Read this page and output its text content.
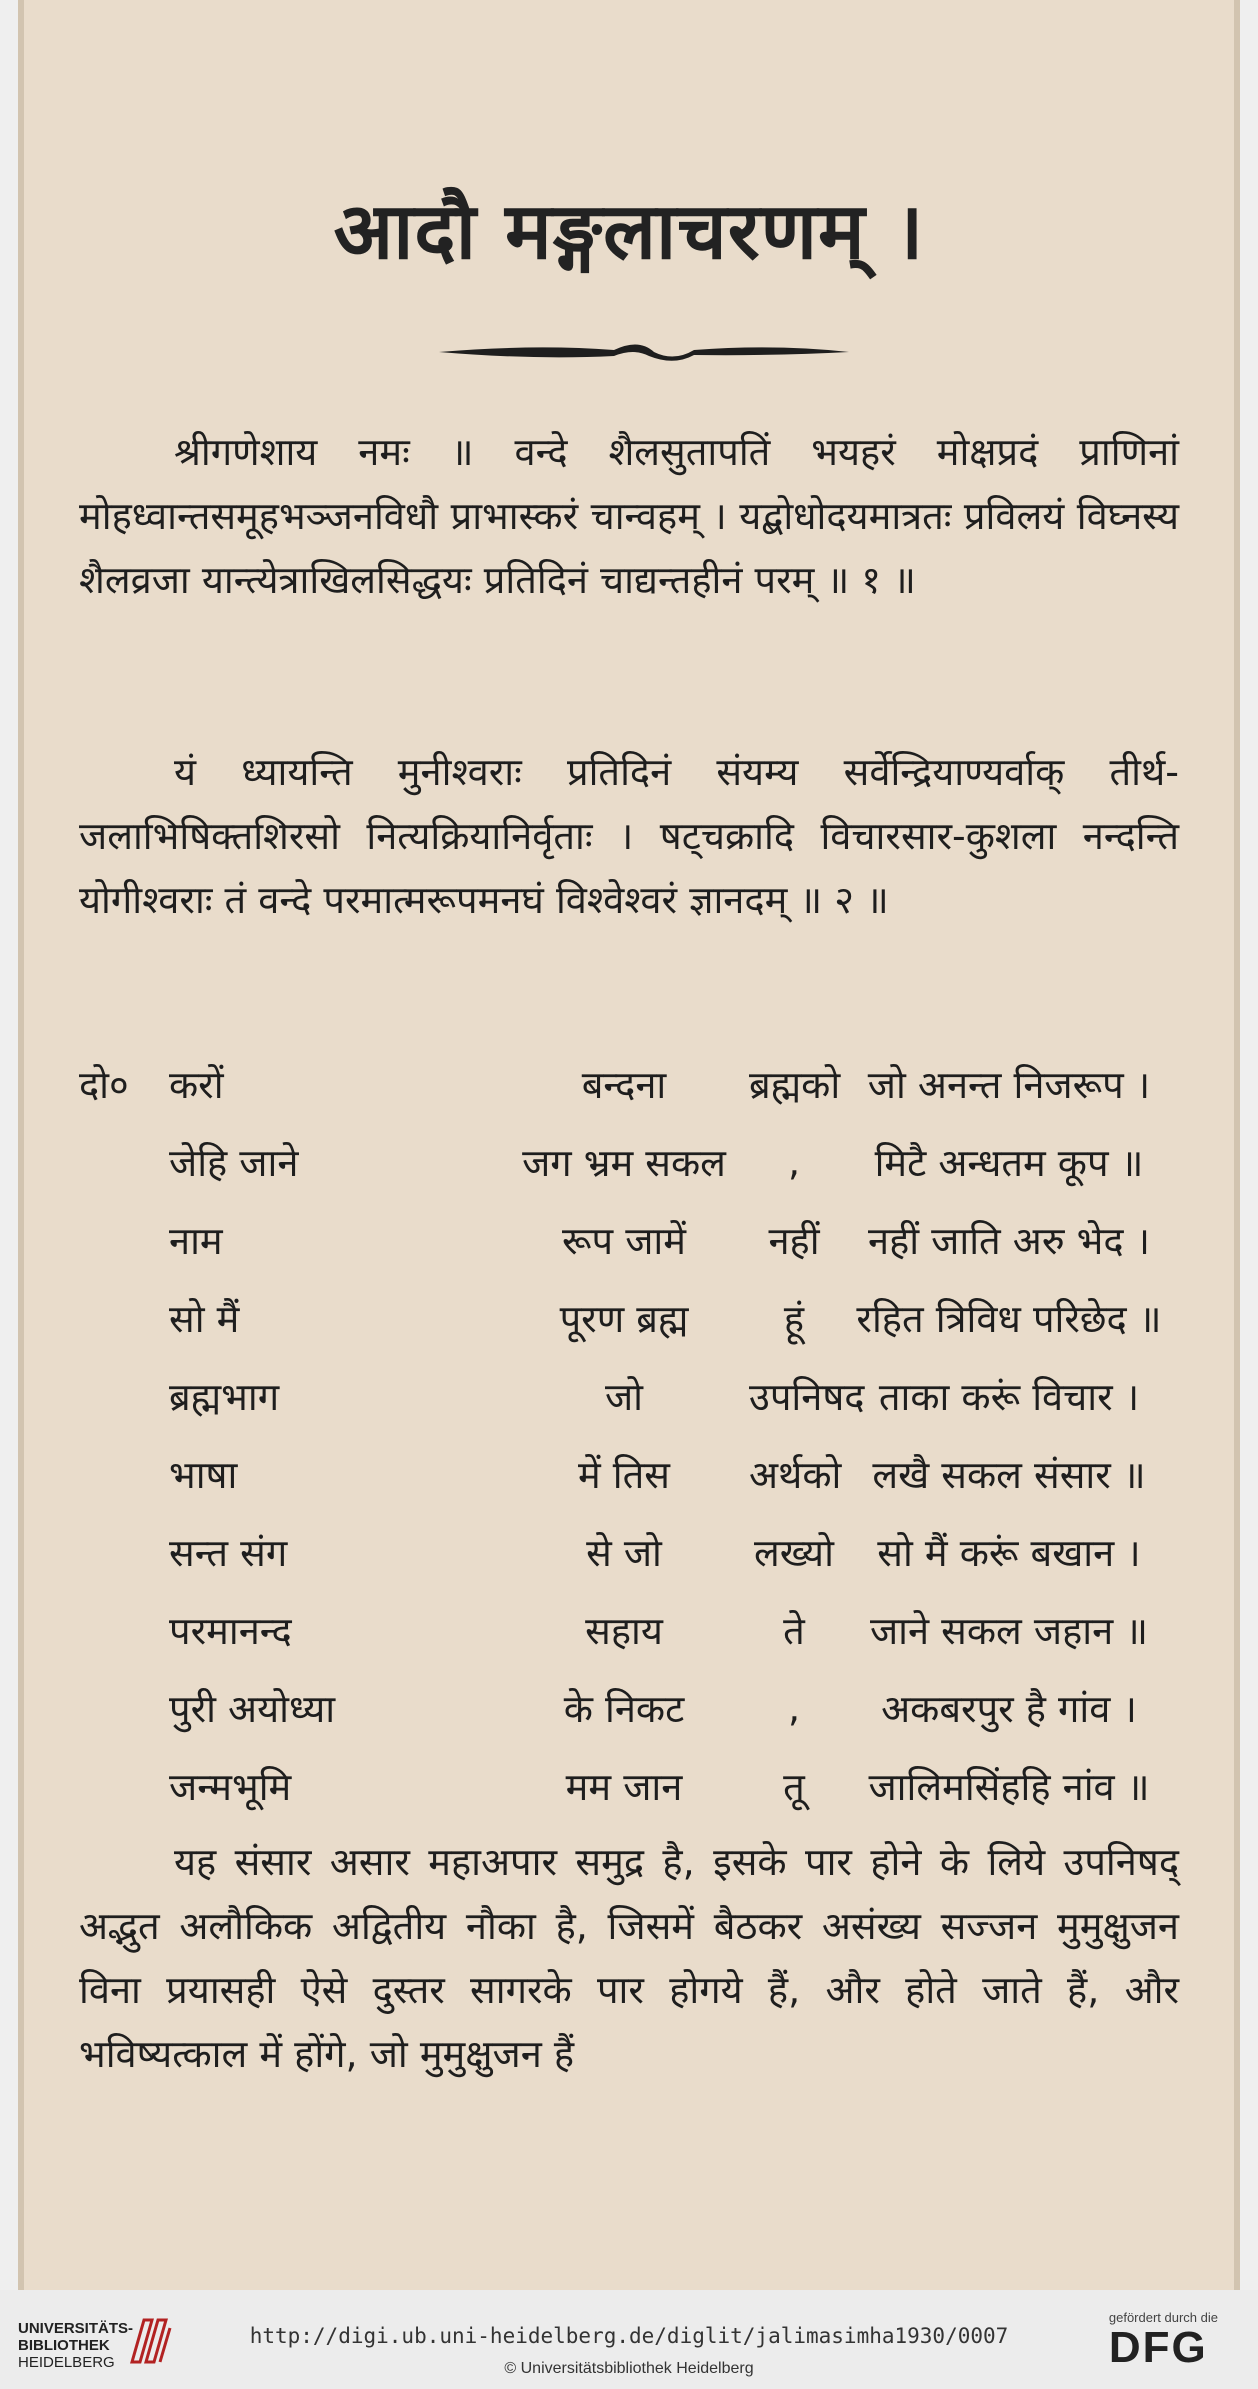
आदौ मङ्गलाचरणम् ।
श्रीगणेशाय नमः ॥ वन्दे शैलसुतापतिं भयहरं मोक्षप्रदं प्राणिनां मोहध्वान्तसमूहभञ्जनविधौ प्राभास्करं चान्वहम् । यद्बोधोदयमात्रतः प्रविलयं विघ्नस्य शैलव्रजा यान्त्येत्राखिलसिद्धयः प्रतिदिनं चाद्यन्तहीनं परम् ॥ १ ॥
यं ध्यायन्ति मुनीश्वराः प्रतिदिनं संयम्य सर्वेन्द्रियाण्यर्वाक् तीर्थ-जलाभिषिक्तशिरसो नित्यक्रियानिर्वृताः । षट्चक्रादि विचारसार-कुशला नन्दन्ति योगीश्वराः तं वन्दे परमात्मरूपमनघं विश्वेश्वरं ज्ञानदम् ॥ २ ॥
दो०	करों	बन्दना	ब्रह्मको जो अनन्त निजरूप ।
जेहि जाने	जग भ्रम सकल	,	मिटै अन्धतम कूप ॥
नाम	रूप जामें	नहीं	नहीं जाति अरु भेद ।
सो मैं	पूरण ब्रह्म	हूं	रहित त्रिविध परिछेद ॥
ब्रह्मभाग	जो	उपनिषद ताका करूं विचार ।
भाषा	में तिस	अर्थको लखै सकल संसार ॥
सन्त संग	से जो	लख्यो	सो मैं करूं बखान ।
परमानन्द	सहाय	ते	जाने सकल जहान ॥
पुरी अयोध्या	के निकट	,	अकबरपुर है गांव ।
जन्मभूमि	मम जान	तू	जालिमसिंहहि नांव ॥
यह संसार असार महाअपार समुद्र है, इसके पार होने के लिये उपनिषद् अद्भुत अलौकिक अद्वितीय नौका है, जिसमें बैठकर असंख्य सज्जन मुमुक्षुजन विना प्रयासही ऐसे दुस्तर सागरके पार होगये हैं, और होते जाते हैं, और भविष्यत्काल में होंगे, जो मुमुक्षुजन हैं
UNIVERSITÄTS-
BIBLIOTHEK
HEIDELBERG
http://digi.ub.uni-heidelberg.de/diglit/jalimasimha1930/0007
© Universitätsbibliothek Heidelberg
gefördert durch die
DFG
